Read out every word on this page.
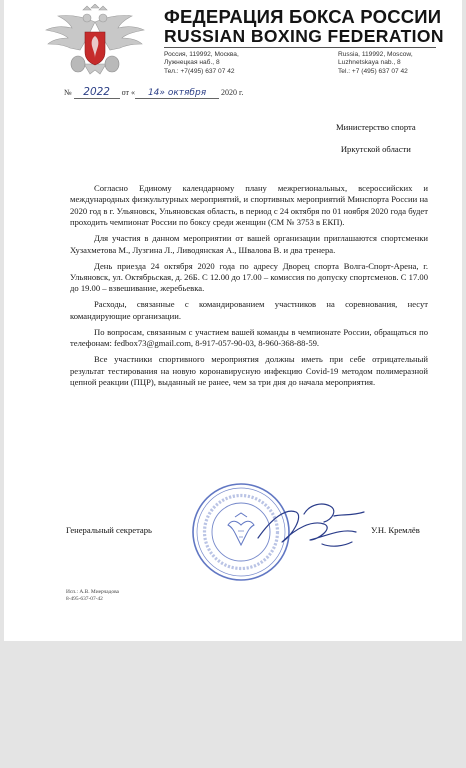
ФЕДЕРАЦИЯ БОКСА РОССИИ
RUSSIAN BOXING FEDERATION
Россия, 119992, Москва,
Лужнецкая наб., 8
Тел.: +7(495) 637 07 42
Russia, 119992, Moscow,
Luzhnetskaya nab., 8
Tel.: +7 (495) 637 07 42
№ 2022 от « 14» октября 2020 г.
Министерство спорта
Иркутской области

Согласно Единому календарному плану межрегиональных, всероссийских и международных физкультурных мероприятий, и спортивных мероприятий Минспорта России на 2020 год в г. Ульяновск, Ульяновская область, в период с 24 октября по 01 ноября 2020 года будет проходить чемпионат России по боксу среди женщин (СМ № 3753 в ЕКП).

Для участия в данном мероприятии от вашей организации приглашаются спортсменки Хузахметова М., Лузгина Л., Ливодянская А., Швалова В. и два тренера.

День приезда 24 октября 2020 года по адресу Дворец спорта Волга-Спорт-Арена, г. Ульяновск, ул. Октябрьская, д. 26Б. С 12.00 до 17.00 – комиссия по допуску спортсменов. С 17.00 до 19.00 – взвешивание, жеребьевка.

Расходы, связанные с командированием участников на соревнования, несут командирующие организации.

По вопросам, связанным с участием вашей команды в чемпионате России, обращаться по телефонам: fedbox73@gmail.com, 8-917-057-90-03, 8-960-368-88-59.

Все участники спортивного мероприятия должны иметь при себе отрицательный результат тестирования на новую коронавирусную инфекцию Covid-19 методом полимеразной цепной реакции (ПЦР), выданный не ранее, чем за три дня до начала мероприятия.

Генеральный секретарь	У.Н. Кремлёв
Исп.: А.В. Миерчадова
8-495-637-07-42
